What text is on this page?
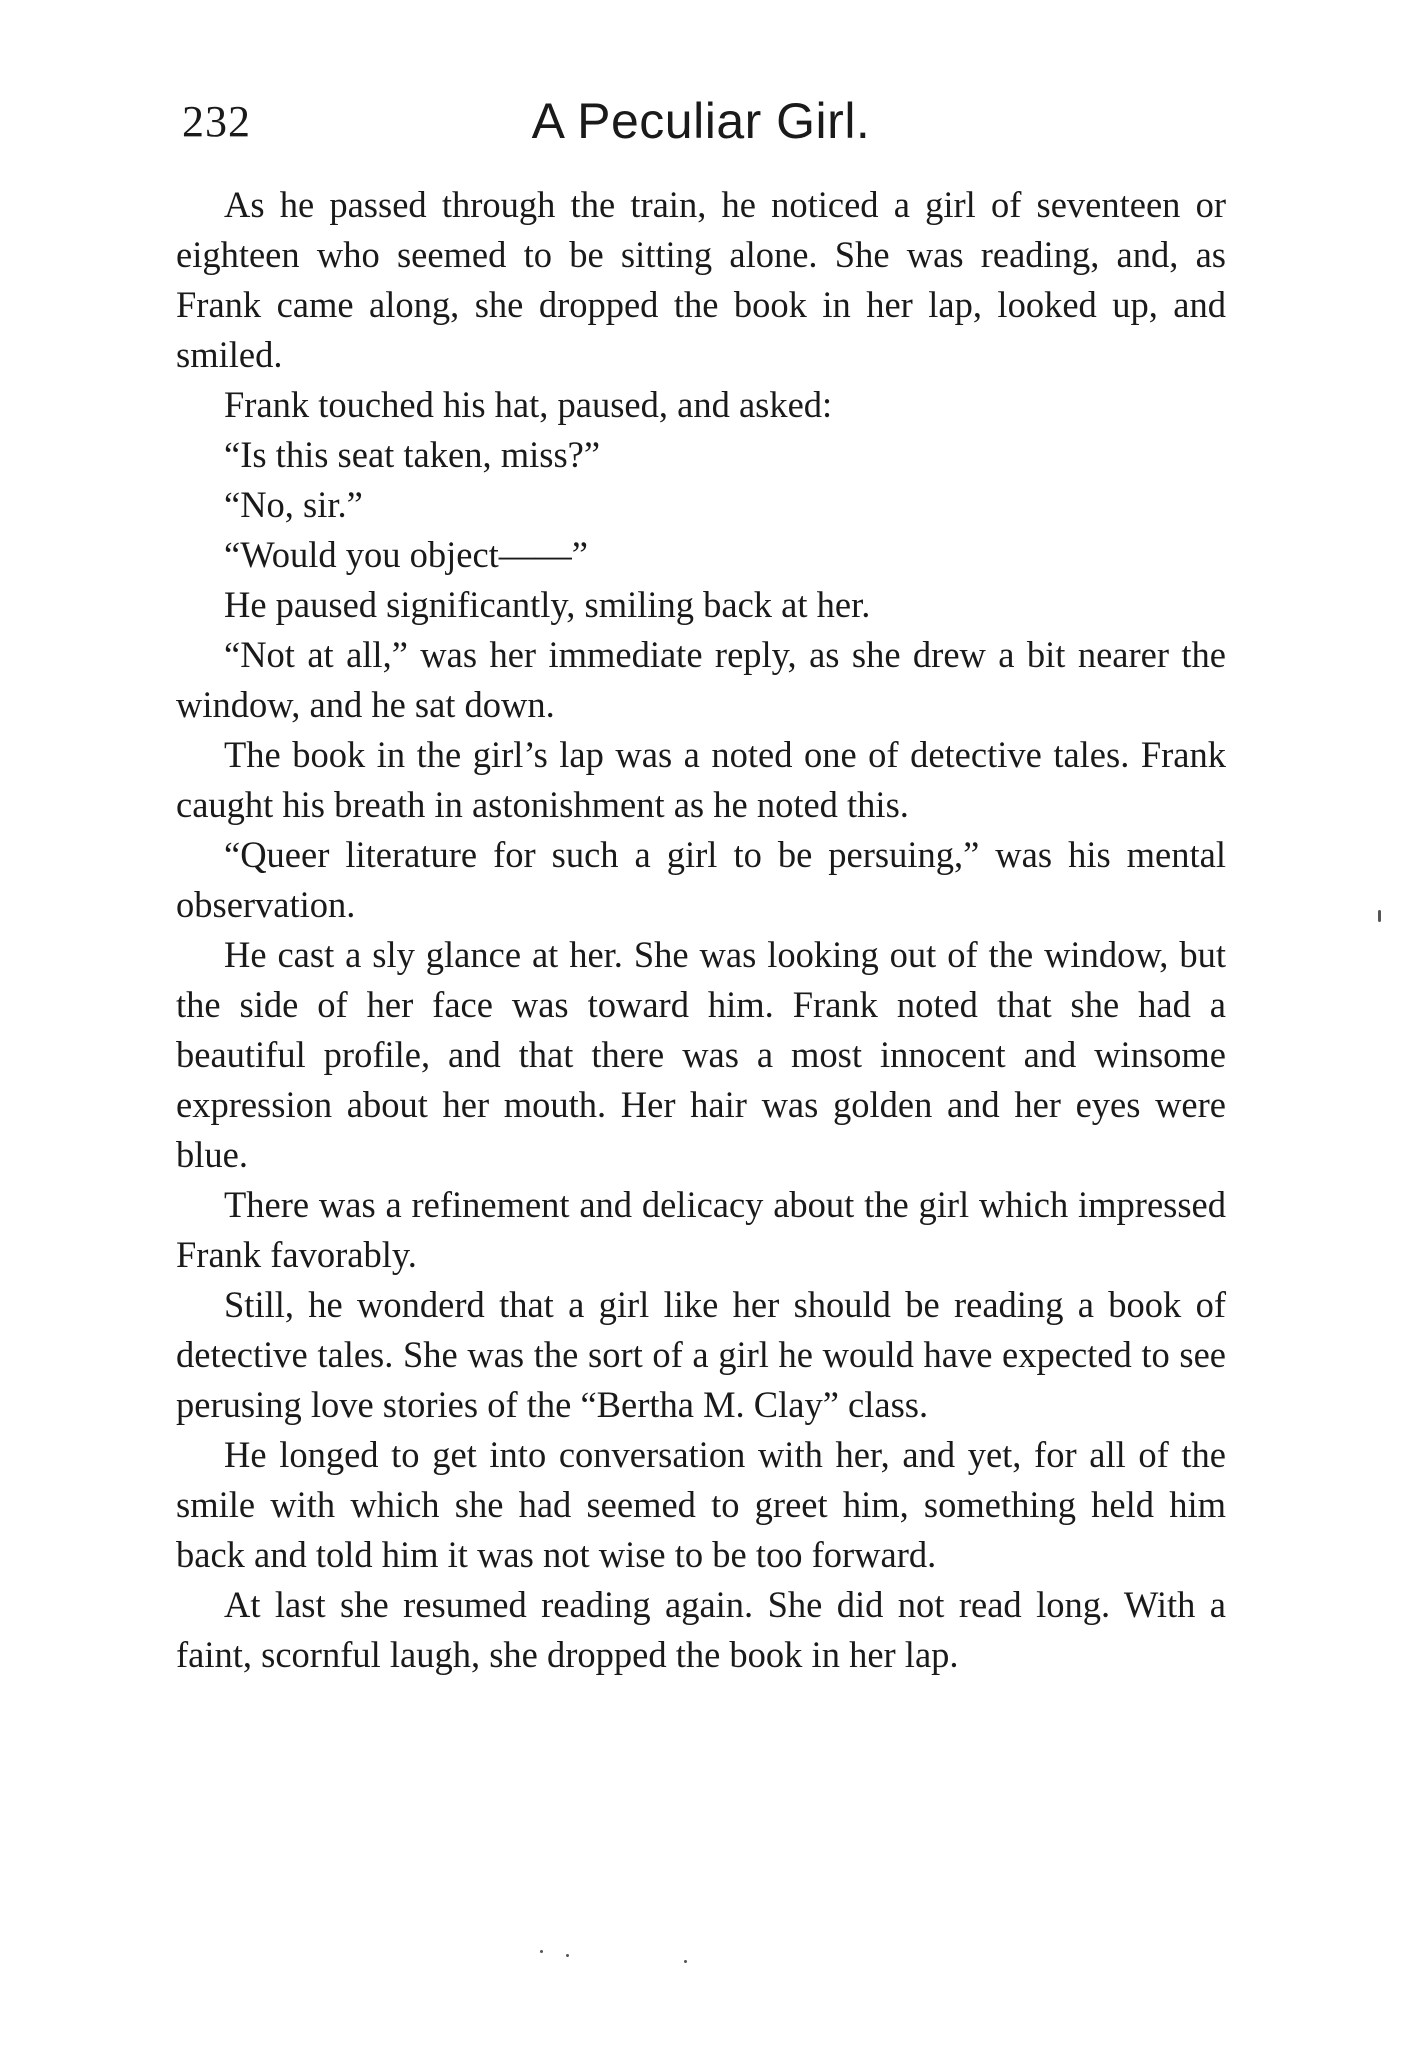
232	A Peculiar Girl.

As he passed through the train, he noticed a girl of seventeen or eighteen who seemed to be sitting alone. She was reading, and, as Frank came along, she dropped the book in her lap, looked up, and smiled.

Frank touched his hat, paused, and asked:

“Is this seat taken, miss?”

“No, sir.”

“Would you object——”

He paused significantly, smiling back at her.

“Not at all,” was her immediate reply, as she drew a bit nearer the window, and he sat down.

The book in the girl’s lap was a noted one of detective tales. Frank caught his breath in astonishment as he noted this.

“Queer literature for such a girl to be persuing,” was his mental observation.

He cast a sly glance at her. She was looking out of the window, but the side of her face was toward him. Frank noted that she had a beautiful profile, and that there was a most innocent and winsome expression about her mouth. Her hair was golden and her eyes were blue.

There was a refinement and delicacy about the girl which impressed Frank favorably.

Still, he wonderd that a girl like her should be reading a book of detective tales. She was the sort of a girl he would have expected to see perusing love stories of the “Bertha M. Clay” class.

He longed to get into conversation with her, and yet, for all of the smile with which she had seemed to greet him, something held him back and told him it was not wise to be too forward.

At last she resumed reading again. She did not read long. With a faint, scornful laugh, she dropped the book in her lap.
